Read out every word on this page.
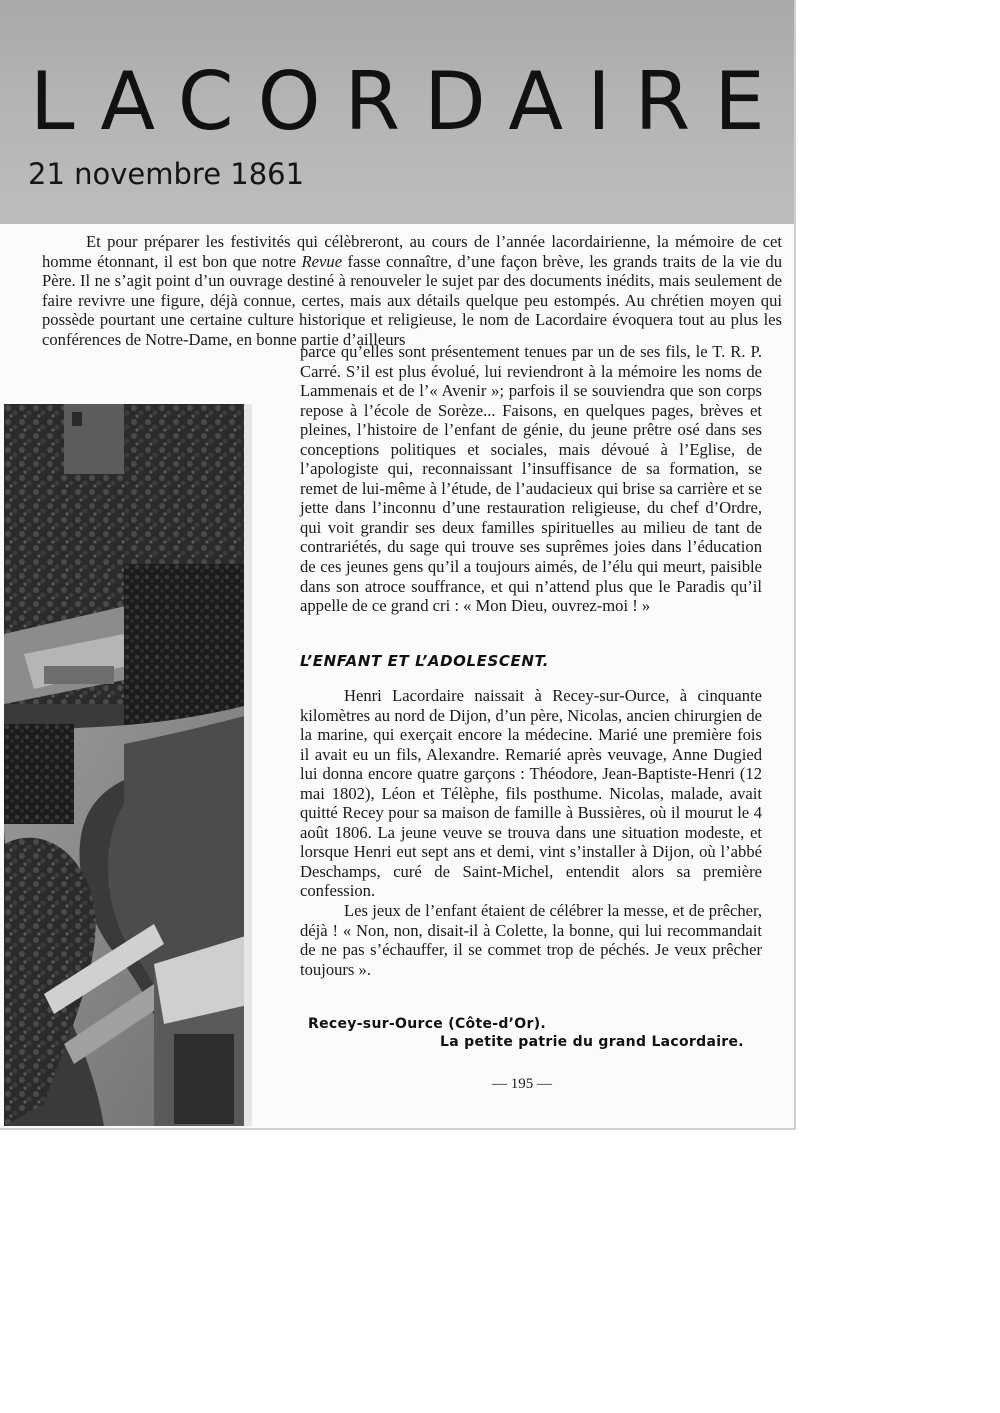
LACORDAIRE
21 novembre 1861

Et pour préparer les festivités qui célèbreront, au cours de l’année lacordairienne, la mémoire de cet homme étonnant, il est bon que notre Revue fasse connaître, d’une façon brève, les grands traits de la vie du Père. Il ne s’agit point d’un ouvrage destiné à renouveler le sujet par des documents inédits, mais seulement de faire revivre une figure, déjà connue, certes, mais aux détails quelque peu estompés. Au chrétien moyen qui possède pourtant une certaine culture historique et religieuse, le nom de Lacordaire évoquera tout au plus les conférences de Notre-Dame, en bonne partie d’ailleurs

parce qu’elles sont présentement tenues par un de ses fils, le T. R. P. Carré. S’il est plus évolué, lui reviendront à la mémoire les noms de Lammenais et de l’« Avenir »; parfois il se souviendra que son corps repose à l’école de Sorèze... Faisons, en quelques pages, brèves et pleines, l’histoire de l’enfant de génie, du jeune prêtre osé dans ses conceptions politiques et sociales, mais dévoué à l’Eglise, de l’apologiste qui, reconnaissant l’insuffisance de sa formation, se remet de lui-même à l’étude, de l’audacieux qui brise sa carrière et se jette dans l’inconnu d’une restauration religieuse, du chef d’Ordre, qui voit grandir ses deux familles spirituelles au milieu de tant de contrariétés, du sage qui trouve ses suprêmes joies dans l’éducation de ces jeunes gens qu’il a toujours aimés, de l’élu qui meurt, paisible dans son atroce souffrance, et qui n’attend plus que le Paradis qu’il appelle de ce grand cri : « Mon Dieu, ouvrez-moi ! »

L’ENFANT ET L’ADOLESCENT.

Henri Lacordaire naissait à Recey-sur-Ource, à cinquante kilomètres au nord de Dijon, d’un père, Nicolas, ancien chirurgien de la marine, qui exerçait encore la médecine. Marié une première fois il avait eu un fils, Alexandre. Remarié après veuvage, Anne Dugied lui donna encore quatre garçons : Théodore, Jean-Baptiste-Henri (12 mai 1802), Léon et Télèphe, fils posthume. Nicolas, malade, avait quitté Recey pour sa maison de famille à Bussières, où il mourut le 4 août 1806. La jeune veuve se trouva dans une situation modeste, et lorsque Henri eut sept ans et demi, vint s’installer à Dijon, où l’abbé Deschamps, curé de Saint-Michel, entendit alors sa première confession.

Les jeux de l’enfant étaient de célébrer la messe, et de prêcher, déjà ! « Non, non, disait-il à Colette, la bonne, qui lui recommandait de ne pas s’échauffer, il se commet trop de péchés. Je veux prêcher toujours ».

Recey-sur-Ource (Côte-d’Or).
La petite patrie du grand Lacordaire.
— 195 —
